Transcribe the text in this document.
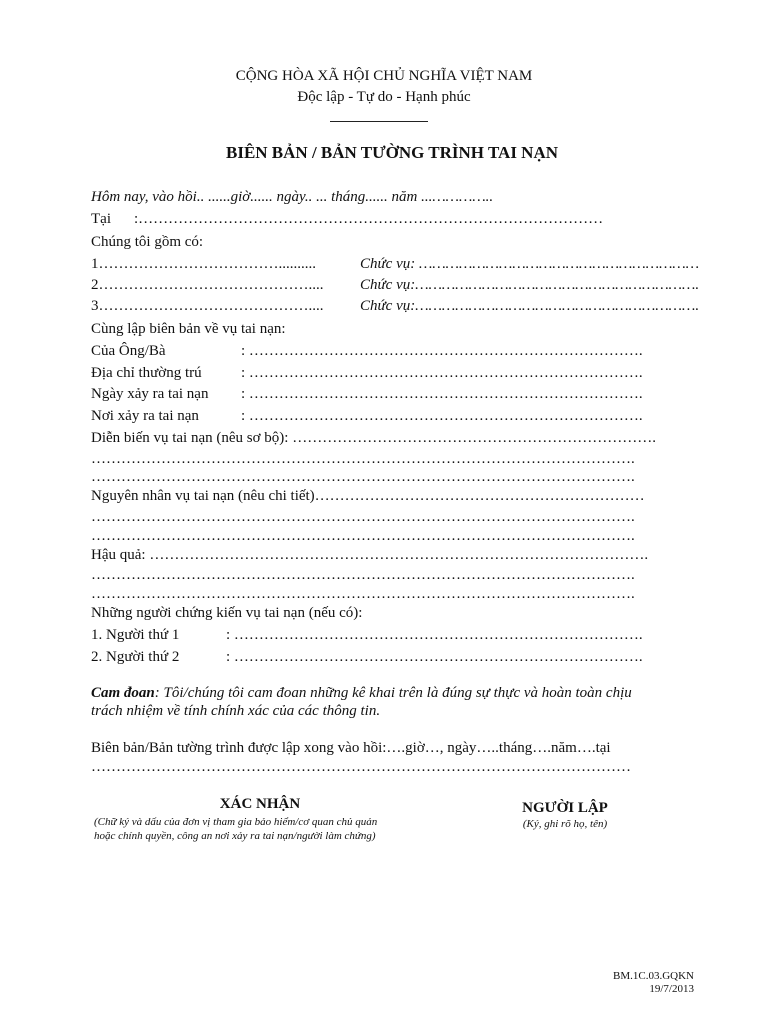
CỘNG HÒA XÃ HỘI CHỦ NGHĨA VIỆT NAM
Độc lập - Tự do - Hạnh phúc
BIÊN BẢN / BẢN TƯỜNG TRÌNH TAI NẠN
Hôm nay, vào hồi.. ......giờ...... ngày.. ... tháng...... năm ...…………..
Tại :…………………………………………………………………………………
Chúng tôi gồm có:
1………………………………..........	Chức vụ: ………………………………………………………
2…………………………………….... Chức vụ:……………………………………………………….
3…………………………………….... Chức vụ:……………………………………………………….
Cùng lập biên bản về vụ tai nạn:
Của Ông/Bà	: …………………………………………………………………….
Địa chỉ thường trú	: …………………………………………………………………….
Ngày xảy ra tai nạn : …………………………………………………………………….
Nơi xảy ra tai nạn	: …………………………………………………………………….
Diễn biến vụ tai nạn (nêu sơ bộ): ……………………………………………………………….
……………………………………………………………………………………………….
……………………………………………………………………………………………….
Nguyên nhân vụ tai nạn (nêu chi tiết)…………………………………………………………
……………………………………………………………………………………………….
……………………………………………………………………………………………….
Hậu quả: ……………………………………………………………………………………….
……………………………………………………………………………………………….
……………………………………………………………………………………………….
Những người chứng kiến vụ tai nạn (nếu có):
1. Người thứ 1	: ……………………………………………………………………….
2. Người thứ 2	: ……………………………………………………………………….
Cam đoan: Tôi/chúng tôi cam đoan những kê khai trên là đúng sự thực và hoàn toàn chịu
trách nhiệm về tính chính xác của các thông tin.
Biên bản/Bản tường trình được lập xong vào hồi:….giờ…, ngày…..tháng….năm….tại
………………………………………………………………………………………………
XÁC NHẬN
(Chữ ký và dấu của đơn vị tham gia bảo hiểm/cơ quan chủ quản
hoặc chính quyền, công an nơi xảy ra tai nạn/người làm chứng)
NGƯỜI LẬP
(Ký, ghi rõ họ, tên)
BM.1C.03.GQKN
19/7/2013
